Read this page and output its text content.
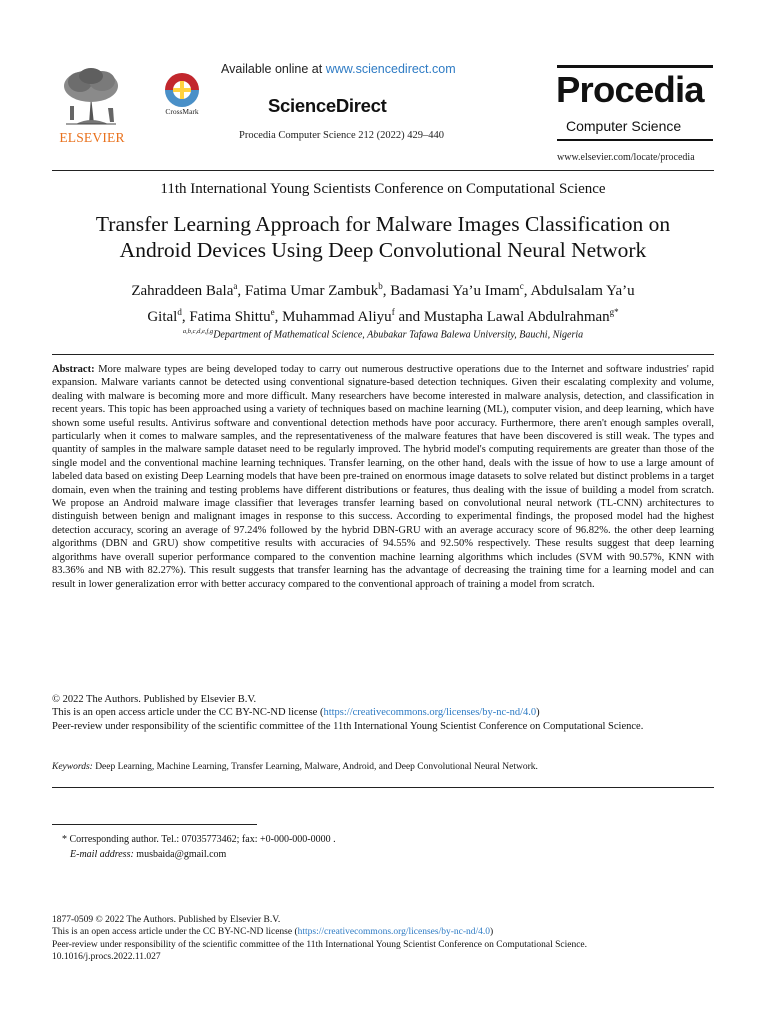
ELSEVIER
CrossMark
Available online at www.sciencedirect.com
ScienceDirect
Procedia Computer Science 212 (2022) 429–440
Procedia
Computer Science
www.elsevier.com/locate/procedia
11th International Young Scientists Conference on Computational Science
Transfer Learning Approach for Malware Images Classification on
Android Devices Using Deep Convolutional Neural Network
Zahraddeen Bala$^a$, Fatima Umar Zambuk$^b$, Badamasi Ya’u Imam$^c$, Abdulsalam Ya’u
Gital$^d$, Fatima Shittu$^e$, Muhammad Aliyu$^f$ and Mustapha Lawal Abdulrahman$^{g*}$
$^{a,b,c,d,e,f,g}$Department of Mathematical Science, Abubakar Tafawa Balewa University, Bauchi, Nigeria
Abstract: More malware types are being developed today to carry out numerous destructive operations due to the Internet and software industries' rapid expansion. Malware variants cannot be detected using conventional signature-based detection techniques. Given their escalating complexity and volume, dealing with malware is becoming more and more difficult. Many researchers have become interested in malware analysis, detection, and classification in recent years. This topic has been approached using a variety of techniques based on machine learning (ML), computer vision, and deep learning, which have shown some useful results. Antivirus software and conventional detection methods have poor accuracy. Furthermore, there aren't enough samples overall, particularly when it comes to malware samples, and the representativeness of the malware features that have been discovered is still weak. The types and quantity of samples in the malware sample dataset need to be regularly improved. The hybrid model's computing requirements are greater than those of the single model and the conventional machine learning techniques. Transfer learning, on the other hand, deals with the issue of how to use a large amount of labeled data based on existing Deep Learning models that have been pre-trained on enormous image datasets to solve related but distinct problems in a target domain, even when the training and testing problems have different distributions or features, thus dealing with the issue of building a model from scratch. We propose an Android malware image classifier that leverages transfer learning based on convolutional neural network (TL-CNN) architectures to distinguish between benign and malignant images in response to this success. According to experimental findings, the proposed model had the highest detection accuracy, scoring an average of 97.24% followed by the hybrid DBN-GRU with an average accuracy score of 96.82%. the other deep learning algorithms (DBN and GRU) show competitive results with accuracies of 94.55% and 92.50% respectively. These results suggest that deep learning algorithms have overall superior performance compared to the convention machine learning algorithms which includes (SVM with 90.57%, KNN with 83.36% and NB with 82.27%). This result suggests that transfer learning has the advantage of decreasing the training time for a learning model and can result in lower generalization error with better accuracy compared to the conventional approach of training a model from scratch.
© 2022 The Authors. Published by Elsevier B.V.
This is an open access article under the CC BY-NC-ND license (https://creativecommons.org/licenses/by-nc-nd/4.0)
Peer-review under responsibility of the scientific committee of the 11th International Young Scientist Conference on Computational Science.
Keywords: Deep Learning, Machine Learning, Transfer Learning, Malware, Android, and Deep Convolutional Neural Network.
* Corresponding author. Tel.: 07035773462; fax: +0-000-000-0000 .
E-mail address: musbaida@gmail.com
1877-0509 © 2022 The Authors. Published by Elsevier B.V.
This is an open access article under the CC BY-NC-ND license (https://creativecommons.org/licenses/by-nc-nd/4.0)
Peer-review under responsibility of the scientific committee of the 11th International Young Scientist Conference on Computational Science.
10.1016/j.procs.2022.11.027
